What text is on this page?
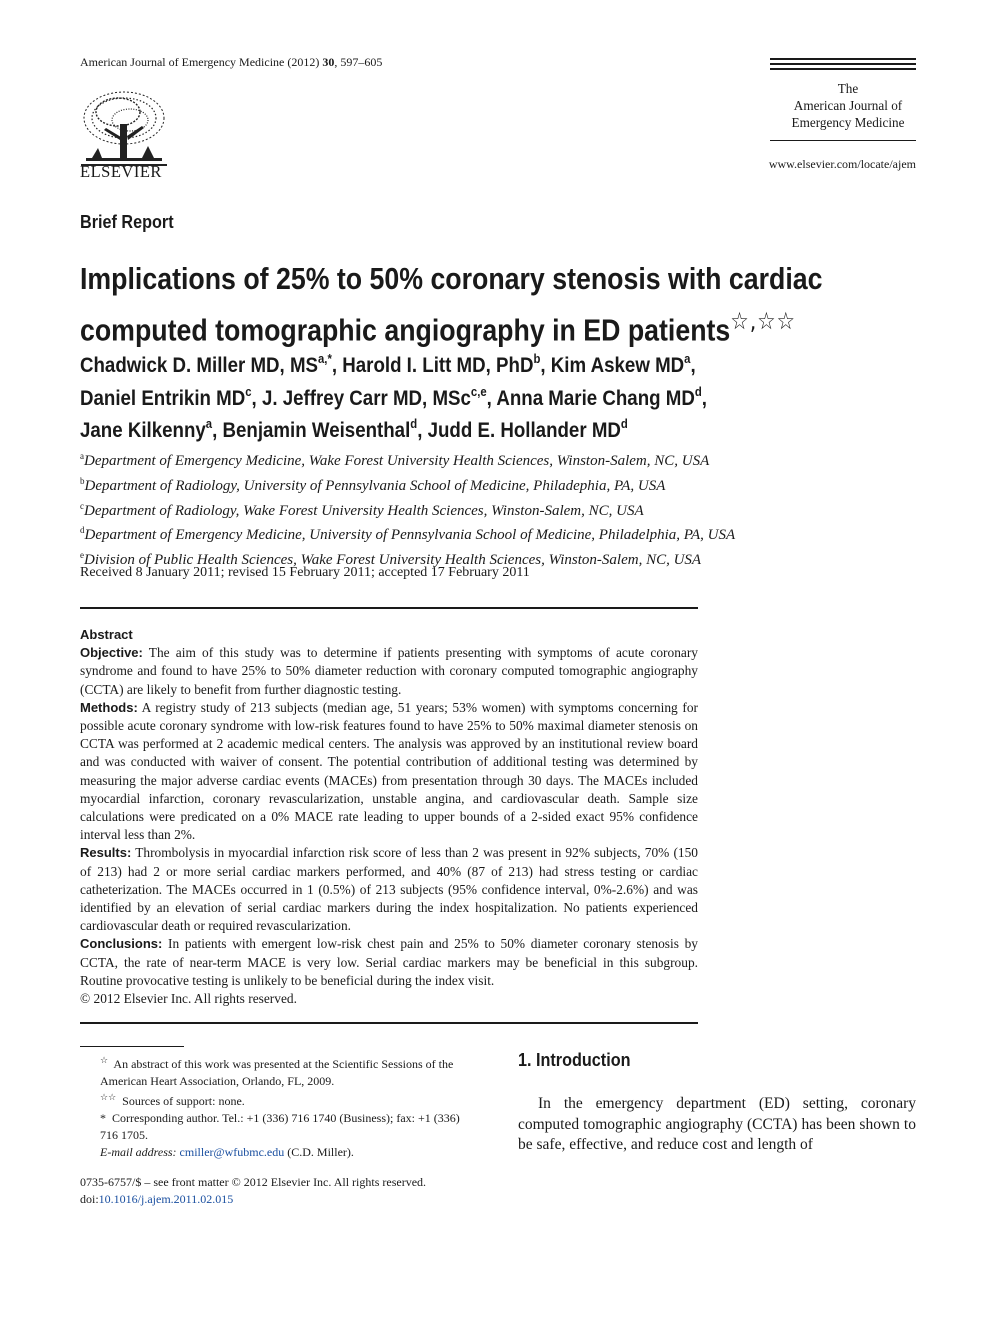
American Journal of Emergency Medicine (2012) 30, 597–605
ELSEVIER
The
American Journal of
Emergency Medicine
www.elsevier.com/locate/ajem
Brief Report
Implications of 25% to 50% coronary stenosis with cardiac computed tomographic angiography in ED patients☆,☆☆
Chadwick D. Miller MD, $MS^{a,*}$, Harold I. Litt MD, PhD$^b$, Kim Askew $MD^a$,
Daniel Entrikin $MD^c$, J. Jeffrey Carr MD, MSc$^{c,e}$, Anna Marie Chang $MD^d$,
Jane Kilkenny$^a$, Benjamin Weisenthal$^d$, Judd E. Hollander $MD^d$
$^a$Department of Emergency Medicine, Wake Forest University Health Sciences, Winston-Salem, NC, USA
$^b$Department of Radiology, University of Pennsylvania School of Medicine, Philadephia, PA, USA
$^c$Department of Radiology, Wake Forest University Health Sciences, Winston-Salem, NC, USA
$^d$Department of Emergency Medicine, University of Pennsylvania School of Medicine, Philadelphia, PA, USA
$^e$Division of Public Health Sciences, Wake Forest University Health Sciences, Winston-Salem, NC, USA
Received 8 January 2011; revised 15 February 2011; accepted 17 February 2011
Abstract
Objective: The aim of this study was to determine if patients presenting with symptoms of acute coronary syndrome and found to have 25% to 50% diameter reduction with coronary computed tomographic angiography (CCTA) are likely to benefit from further diagnostic testing.
Methods: A registry study of 213 subjects (median age, 51 years; 53% women) with symptoms concerning for possible acute coronary syndrome with low-risk features found to have 25% to 50% maximal diameter stenosis on CCTA was performed at 2 academic medical centers. The analysis was approved by an institutional review board and was conducted with waiver of consent. The potential contribution of additional testing was determined by measuring the major adverse cardiac events (MACEs) from presentation through 30 days. The MACEs included myocardial infarction, coronary revascularization, unstable angina, and cardiovascular death. Sample size calculations were predicated on a 0% MACE rate leading to upper bounds of a 2-sided exact 95% confidence interval less than 2%.
Results: Thrombolysis in myocardial infarction risk score of less than 2 was present in 92% subjects, 70% (150 of 213) had 2 or more serial cardiac markers performed, and 40% (87 of 213) had stress testing or cardiac catheterization. The MACEs occurred in 1 (0.5%) of 213 subjects (95% confidence interval, 0%-2.6%) and was identified by an elevation of serial cardiac markers during the index hospitalization. No patients experienced cardiovascular death or required revascularization.
Conclusions: In patients with emergent low-risk chest pain and 25% to 50% diameter coronary stenosis by CCTA, the rate of near-term MACE is very low. Serial cardiac markers may be beneficial in this subgroup. Routine provocative testing is unlikely to be beneficial during the index visit.
© 2012 Elsevier Inc. All rights reserved.
☆ An abstract of this work was presented at the Scientific Sessions of the American Heart Association, Orlando, FL, 2009.
☆☆ Sources of support: none.
* Corresponding author. Tel.: +1 (336) 716 1740 (Business); fax: +1 (336) 716 1705.
E-mail address: cmiller@wfubmc.edu (C.D. Miller).
0735-6757/$ – see front matter © 2012 Elsevier Inc. All rights reserved.
doi:10.1016/j.ajem.2011.02.015
1. Introduction
In the emergency department (ED) setting, coronary computed tomographic angiography (CCTA) has been shown to be safe, effective, and reduce cost and length of
